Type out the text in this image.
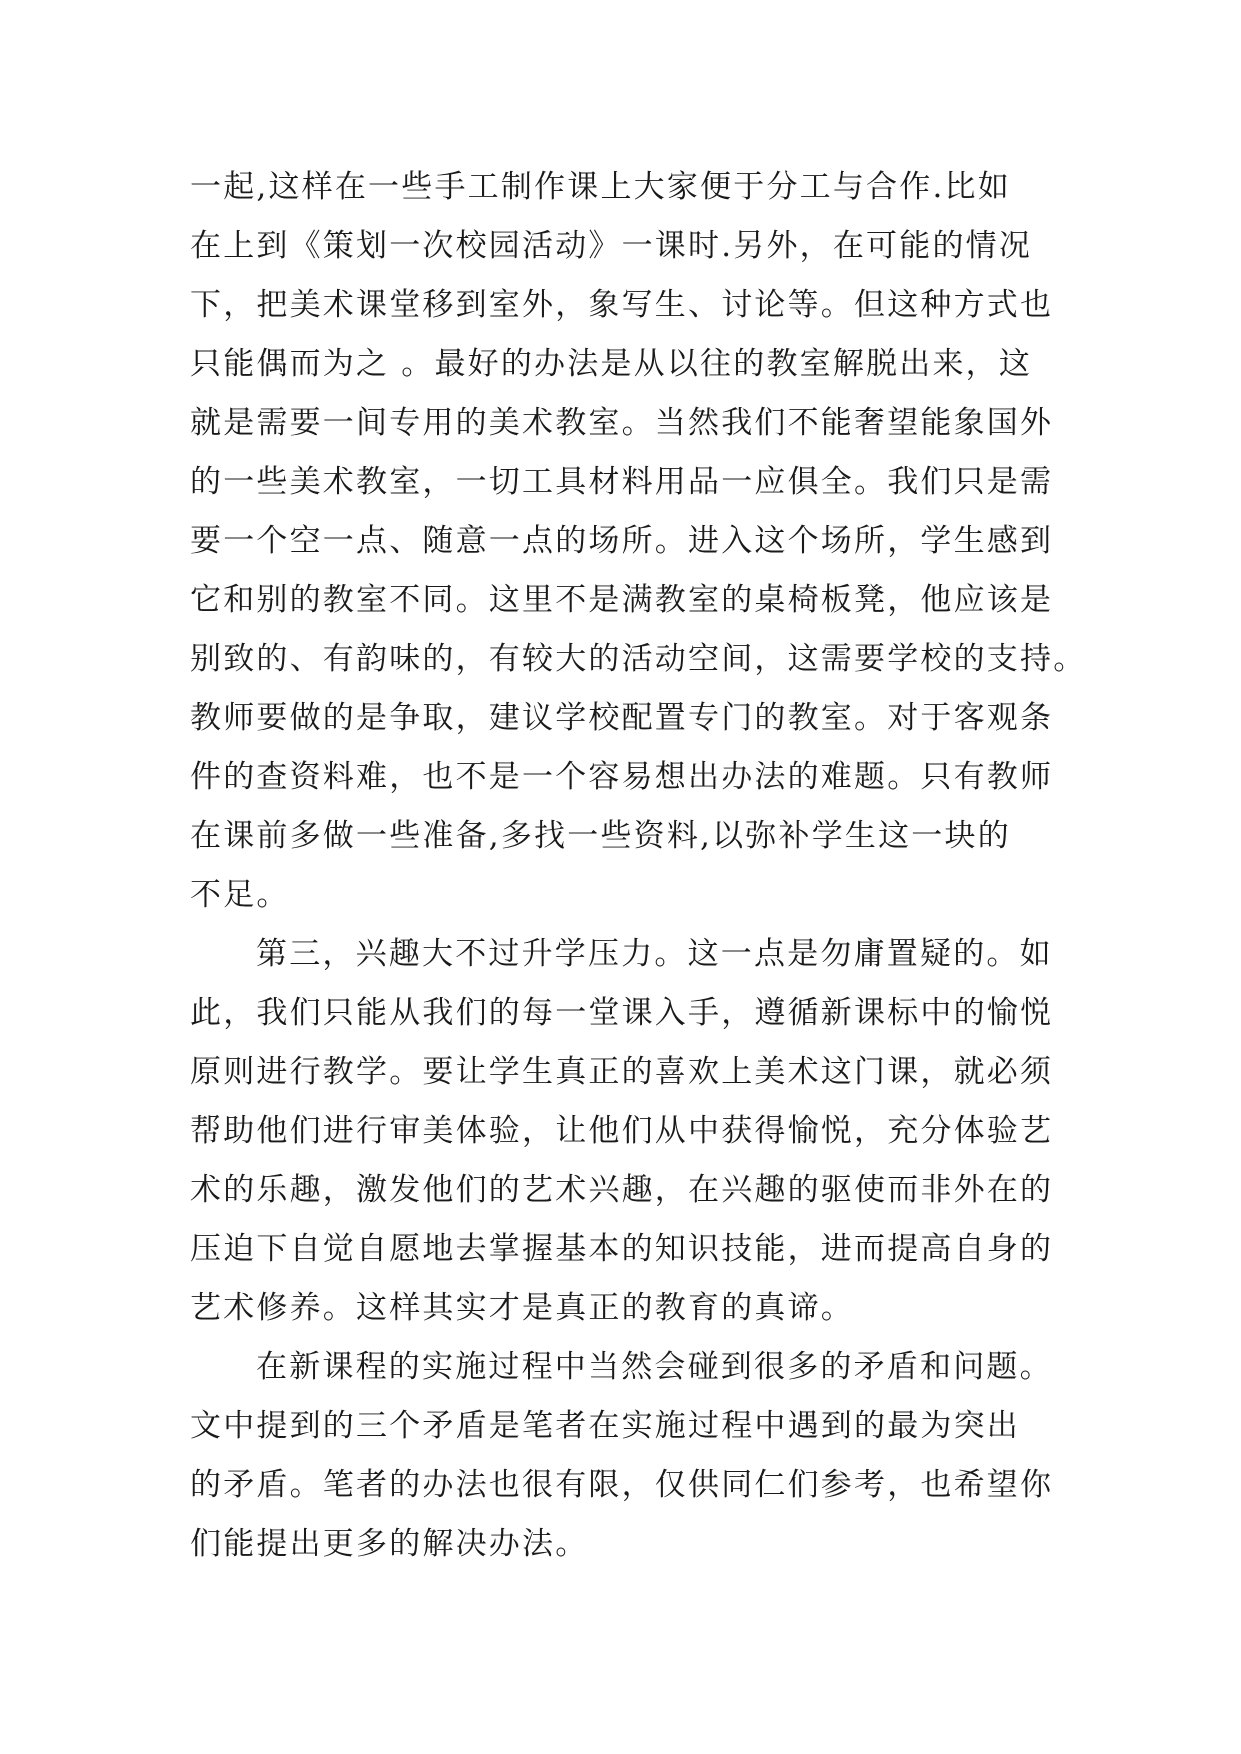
一起,这样在一些手工制作课上大家便于分工与合作.比如
在上到《策划一次校园活动》一课时.另外，在可能的情况
下，把美术课堂移到室外，象写生、讨论等。但这种方式也
只能偶而为之 。最好的办法是从以往的教室解脱出来，这
就是需要一间专用的美术教室。当然我们不能奢望能象国外
的一些美术教室，一切工具材料用品一应俱全。我们只是需
要一个空一点、随意一点的场所。进入这个场所，学生感到
它和别的教室不同。这里不是满教室的桌椅板凳，他应该是
别致的、有韵味的，有较大的活动空间，这需要学校的支持。
教师要做的是争取，建议学校配置专门的教室。对于客观条
件的查资料难，也不是一个容易想出办法的难题。只有教师
在课前多做一些准备,多找一些资料,以弥补学生这一块的
不足。
第三，兴趣大不过升学压力。这一点是勿庸置疑的。如
此，我们只能从我们的每一堂课入手，遵循新课标中的愉悦
原则进行教学。要让学生真正的喜欢上美术这门课，就必须
帮助他们进行审美体验，让他们从中获得愉悦，充分体验艺
术的乐趣，激发他们的艺术兴趣，在兴趣的驱使而非外在的
压迫下自觉自愿地去掌握基本的知识技能，进而提高自身的
艺术修养。这样其实才是真正的教育的真谛。
在新课程的实施过程中当然会碰到很多的矛盾和问题。
文中提到的三个矛盾是笔者在实施过程中遇到的最为突出
的矛盾。笔者的办法也很有限，仅供同仁们参考，也希望你
们能提出更多的解决办法。
